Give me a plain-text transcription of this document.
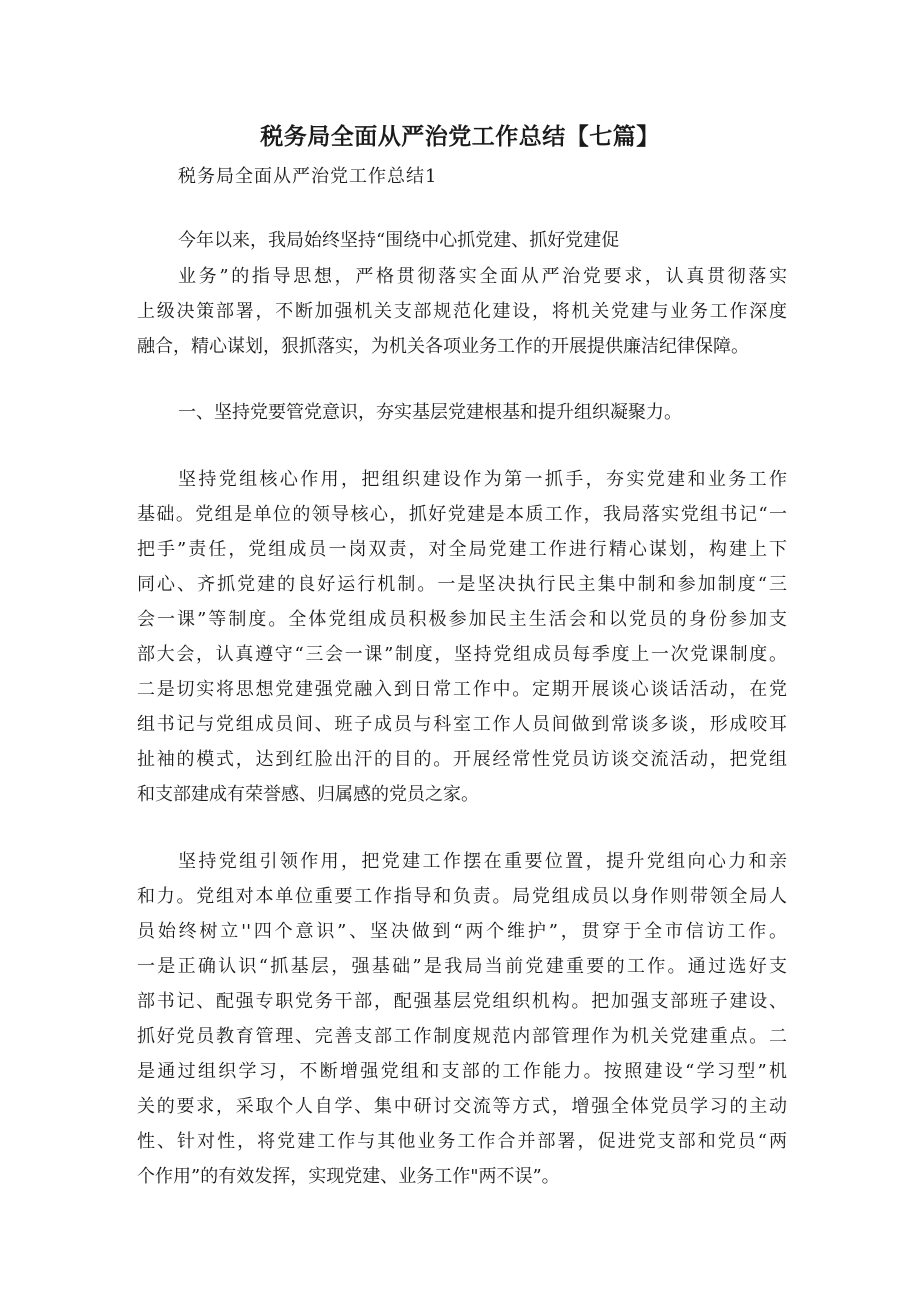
税务局全面从严治党工作总结【七篇】

税务局全面从严治党工作总结1

今年以来，我局始终坚持“围绕中心抓党建、抓好党建促

业务”的指导思想，严格贯彻落实全面从严治党要求，认真贯彻落实

上级决策部署，不断加强机关支部规范化建设，将机关党建与业务工作深度

融合，精心谋划，狠抓落实，为机关各项业务工作的开展提供廉洁纪律保障。

一、坚持党要管党意识，夯实基层党建根基和提升组织凝聚力。

坚持党组核心作用，把组织建设作为第一抓手，夯实党建和业务工作

基础。党组是单位的领导核心，抓好党建是本质工作，我局落实党组书记“一

把手”责任，党组成员一岗双责，对全局党建工作进行精心谋划，构建上下

同心、齐抓党建的良好运行机制。一是坚决执行民主集中制和参加制度“三

会一课”等制度。全体党组成员积极参加民主生活会和以党员的身份参加支

部大会，认真遵守“三会一课”制度，坚持党组成员每季度上一次党课制度。

二是切实将思想党建强党融入到日常工作中。定期开展谈心谈话活动，在党

组书记与党组成员间、班子成员与科室工作人员间做到常谈多谈，形成咬耳

扯袖的模式，达到红脸出汗的目的。开展经常性党员访谈交流活动，把党组

和支部建成有荣誉感、归属感的党员之家。

坚持党组引领作用，把党建工作摆在重要位置，提升党组向心力和亲

和力。党组对本单位重要工作指导和负责。局党组成员以身作则带领全局人

员始终树立''四个意识”、坚决做到“两个维护”，贯穿于全市信访工作。

一是正确认识“抓基层，强基础”是我局当前党建重要的工作。通过选好支

部书记、配强专职党务干部，配强基层党组织机构。把加强支部班子建设、

抓好党员教育管理、完善支部工作制度规范内部管理作为机关党建重点。二

是通过组织学习，不断增强党组和支部的工作能力。按照建设“学习型”机

关的要求，采取个人自学、集中研讨交流等方式，增强全体党员学习的主动

性、针对性，将党建工作与其他业务工作合并部署，促进党支部和党员“两

个作用”的有效发挥，实现党建、业务工作"两不误”。
